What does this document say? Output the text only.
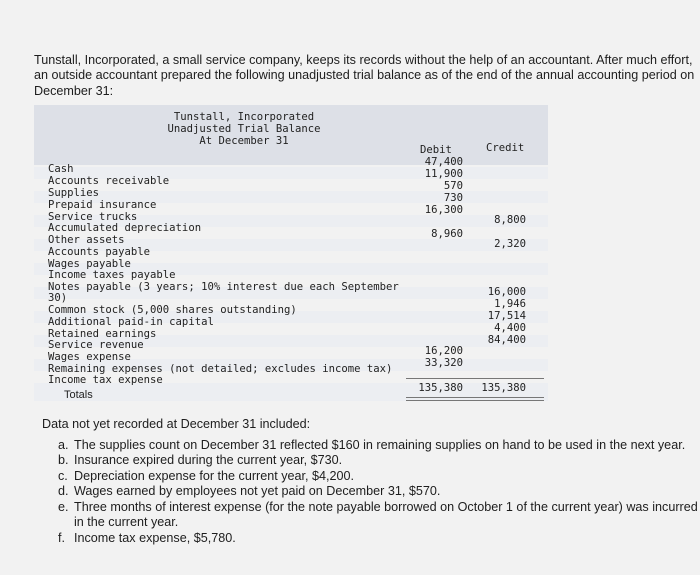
Tunstall, Incorporated, a small service company, keeps its records without the help of an accountant. After much effort, an outside accountant prepared the following unadjusted trial balance as of the end of the annual accounting period on December 31:

Tunstall, Incorporated
Unadjusted Trial Balance
At December 31
Debit	Credit
Cash
Accounts receivable
Supplies
Prepaid insurance
Service trucks
Accumulated depreciation
Other assets
Accounts payable
Wages payable
Income taxes payable
Notes payable (3 years; 10% interest due each September
30)
Common stock (5,000 shares outstanding)
Additional paid-in capital
Retained earnings
Service revenue
Wages expense
Remaining expenses (not detailed; excludes income tax)
Income tax expense
Totals
47,400
11,900
570
730
16,300
8,960
16,200
33,320
135,380
8,800
2,320
16,000
1,946
17,514
4,400
84,400
135,380
Data not yet recorded at December 31 included:
a. The supplies count on December 31 reflected $160 in remaining supplies on hand to be used in the next year.
b. Insurance expired during the current year, $730.
c. Depreciation expense for the current year, $4,200.
d. Wages earned by employees not yet paid on December 31, $570.
e. Three months of interest expense (for the note payable borrowed on October 1 of the current year) was incurred in the current year.
f. Income tax expense, $5,780.
